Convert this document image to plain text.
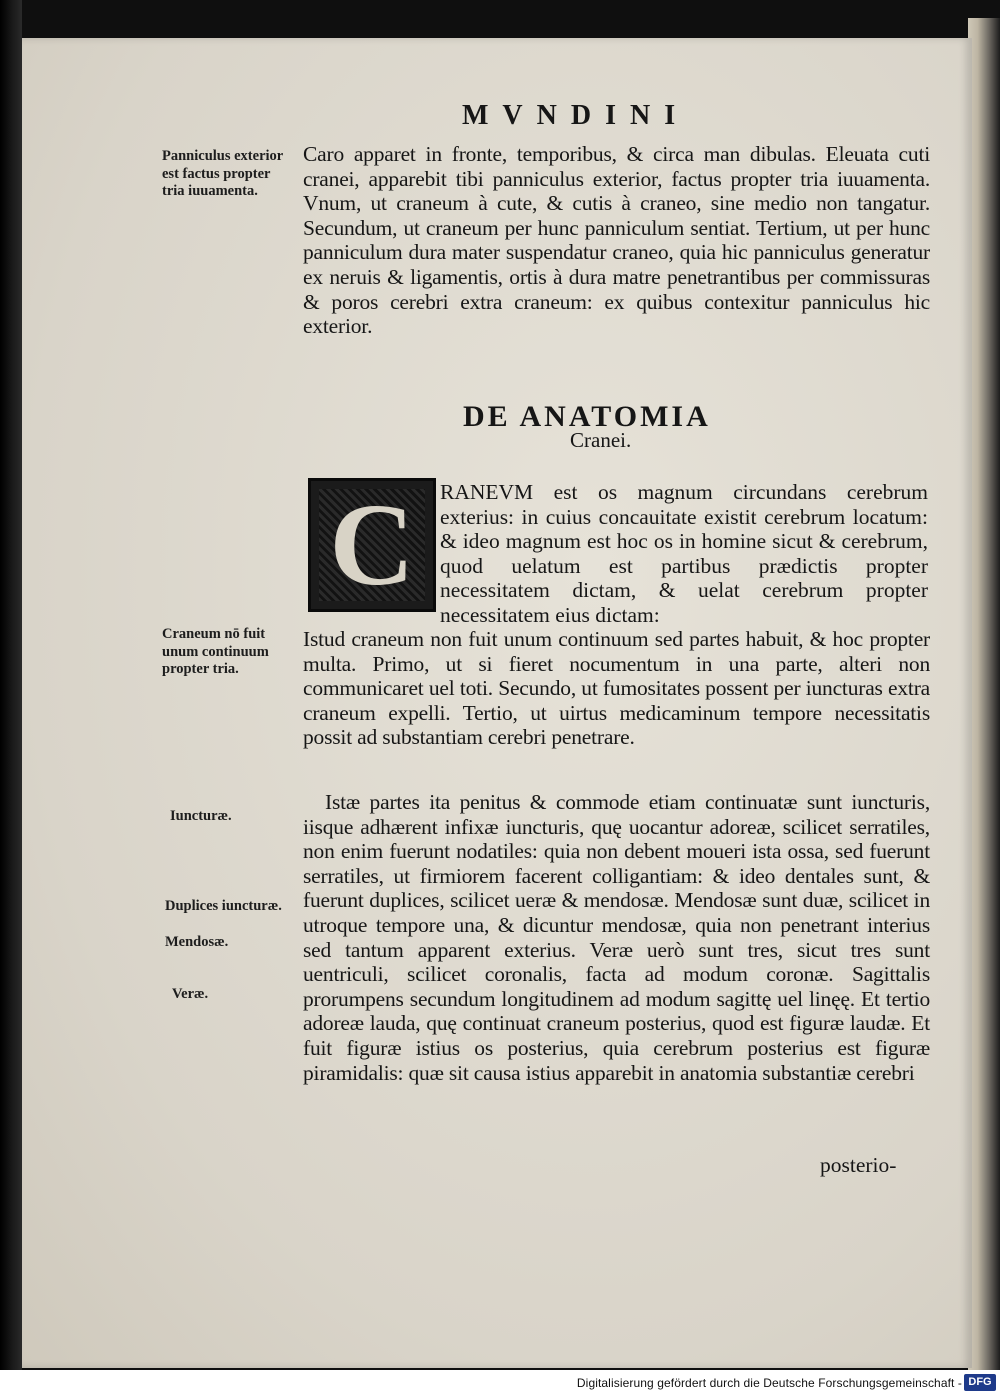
MVNDINI

Caro apparet in fronte, temporibus, & circa man dibulas. Eleuata cuti cranei, apparebit tibi panniculus exterior, factus propter tria iuuamenta. Vnum, ut craneum à cute, & cutis à craneo, sine medio non tangatur. Secundum, ut craneum per hunc panniculum sentiat. Tertium, ut per hunc panniculum dura mater suspendatur craneo, quia hic panniculus generatur ex neruis & ligamentis, ortis à dura matre penetrantibus per commissuras & poros cerebri extra craneum: ex quibus contexitur panniculus hic exterior.

DE ANATOMIA
Cranei.
C	RANEVM est os magnum circundans cerebrum exterius: in cuius concauitate existit cerebrum locatum: & ideo magnum est hoc os in homine sicut & cerebrum, quod uelatum est partibus prædictis propter necessitatem dictam, & uelat cerebrum propter necessitatem eius dictam:

Istud craneum non fuit unum continuum sed partes habuit, & hoc propter multa. Primo, ut si fieret nocumentum in una parte, alteri non communicaret uel toti. Secundo, ut fumositates possent per iuncturas extra craneum expelli. Tertio, ut uirtus medicaminum tempore necessitatis possit ad substantiam cerebri penetrare.

Istæ partes ita penitus & commode etiam continuatæ sunt iuncturis, iisque adhærent infixæ iuncturis, quę uocantur adoreæ, scilicet serratiles, non enim fuerunt nodatiles: quia non debent moueri ista ossa, sed fuerunt serratiles, ut firmiorem facerent colligantiam: & ideo dentales sunt, & fuerunt duplices, scilicet ueræ & mendosæ. Mendosæ sunt duæ, scilicet in utroque tempore una, & dicuntur mendosæ, quia non penetrant interius sed tantum apparent exterius. Veræ uerò sunt tres, sicut tres sunt uentriculi, scilicet coronalis, facta ad modum coronæ. Sagittalis prorumpens secundum longitudinem ad modum sagittę uel linęę. Et tertio adoreæ lauda, quę continuat craneum posterius, quod est figuræ laudæ. Et fuit figuræ istius os posterius, quia cerebrum posterius est figuræ piramidalis: quæ sit causa istius apparebit in anatomia substantiæ cerebri

posterio-
Panniculus exterior est factus propter tria iuuamenta.
Craneum nō fuit unum continuum propter tria.
Iuncturæ.
Duplices iuncturæ.
Mendosæ.
Veræ.
Digitalisierung gefördert durch die Deutsche Forschungsgemeinschaft - DFG
